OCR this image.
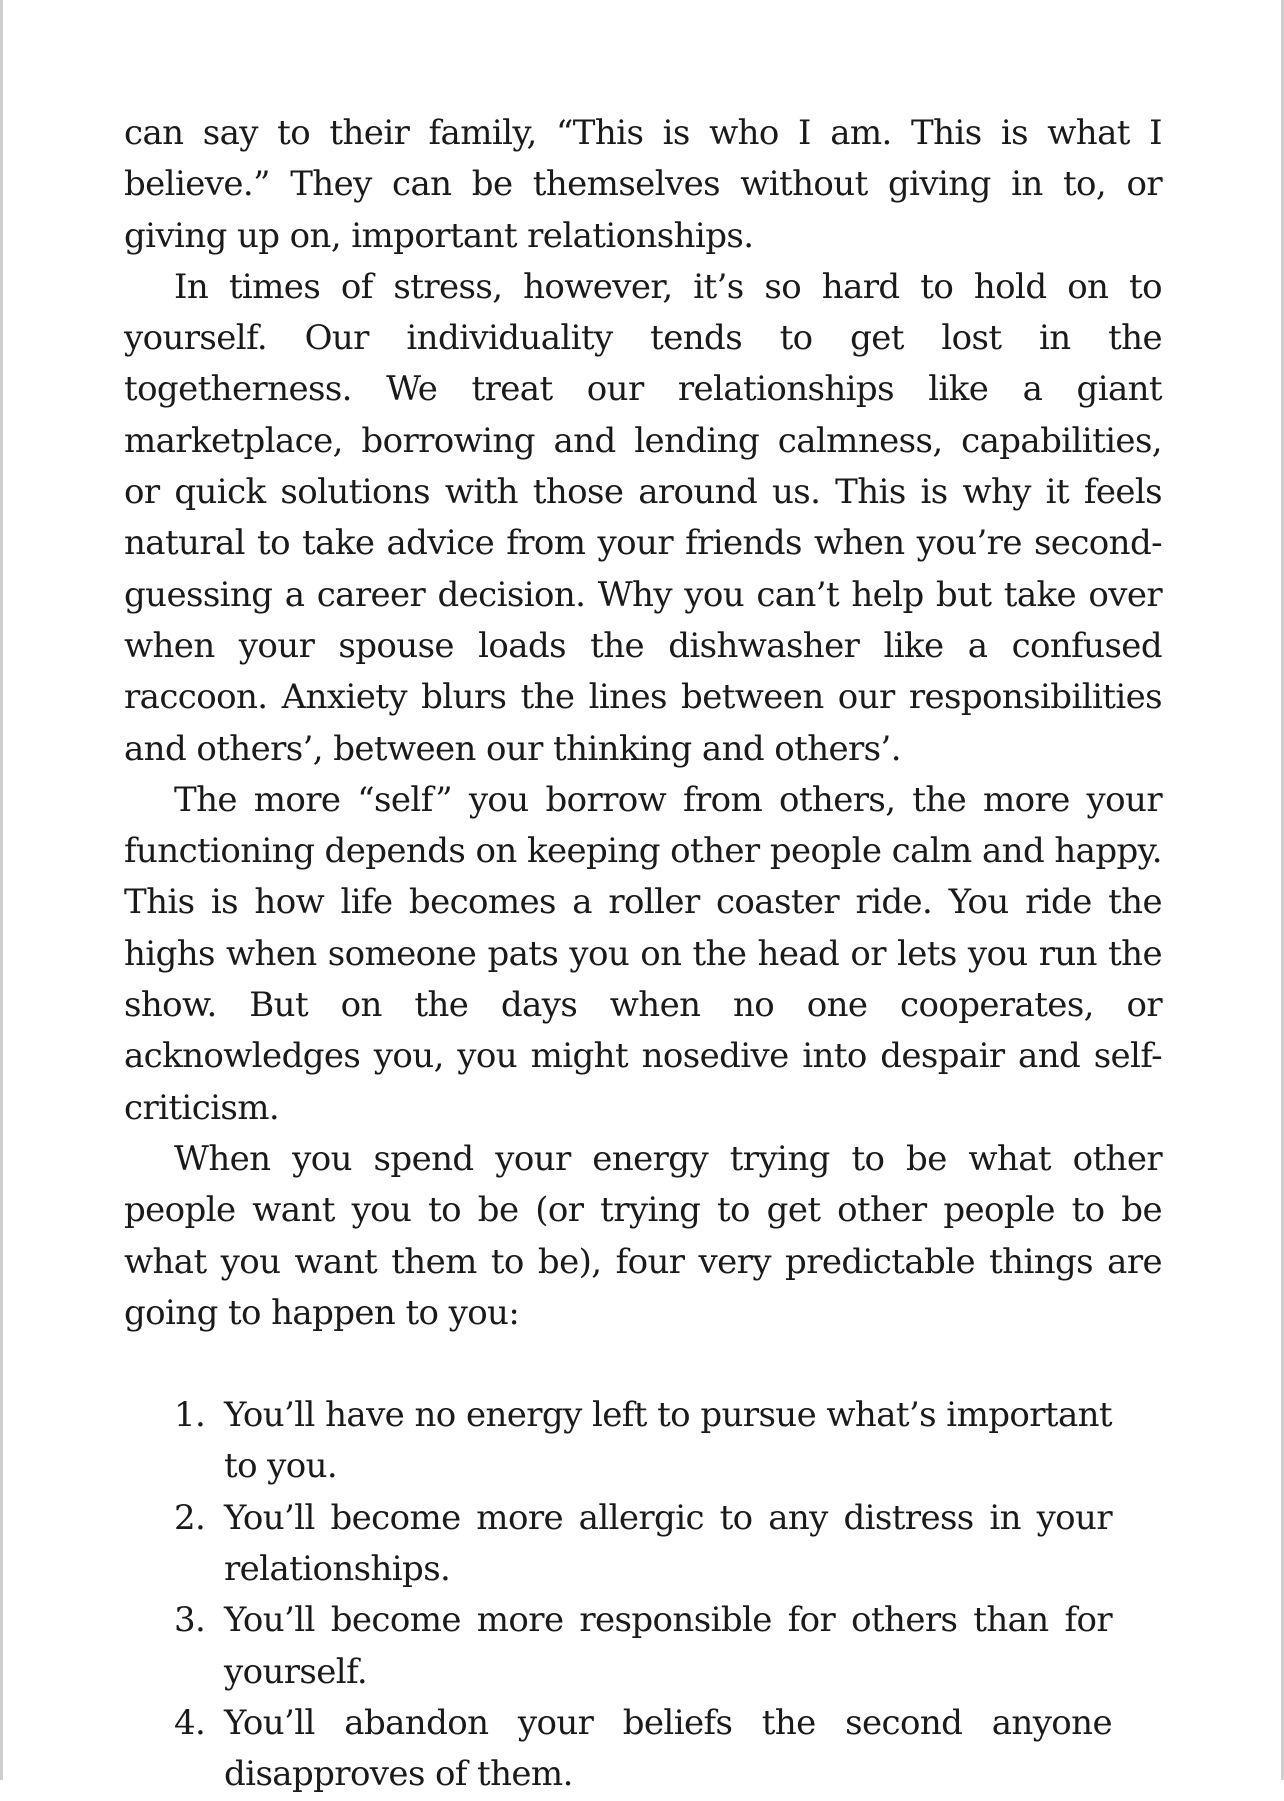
can say to their family, “This is who I am. This is what I believe.” They can be themselves without giving in to, or giving up on, important relationships.

In times of stress, however, it’s so hard to hold on to yourself. Our individuality tends to get lost in the togetherness. We treat our relationships like a giant marketplace, borrowing and lending calmness, capabilities, or quick solutions with those around us. This is why it feels natural to take advice from your friends when you’re second-guessing a career decision. Why you can’t help but take over when your spouse loads the dishwasher like a confused raccoon. Anxiety blurs the lines between our responsibilities and others’, between our thinking and others’.

The more “self” you borrow from others, the more your functioning depends on keeping other people calm and happy. This is how life becomes a roller coaster ride. You ride the highs when someone pats you on the head or lets you run the show. But on the days when no one cooperates, or acknowledges you, you might nosedive into despair and self-criticism.

When you spend your energy trying to be what other people want you to be (or trying to get other people to be what you want them to be), four very predictable things are going to happen to you:

1. You’ll have no energy left to pursue what’s important to you.
2. You’ll become more allergic to any distress in your relationships.
3. You’ll become more responsible for others than for yourself.
4. You’ll abandon your beliefs the second anyone disapproves of them.
